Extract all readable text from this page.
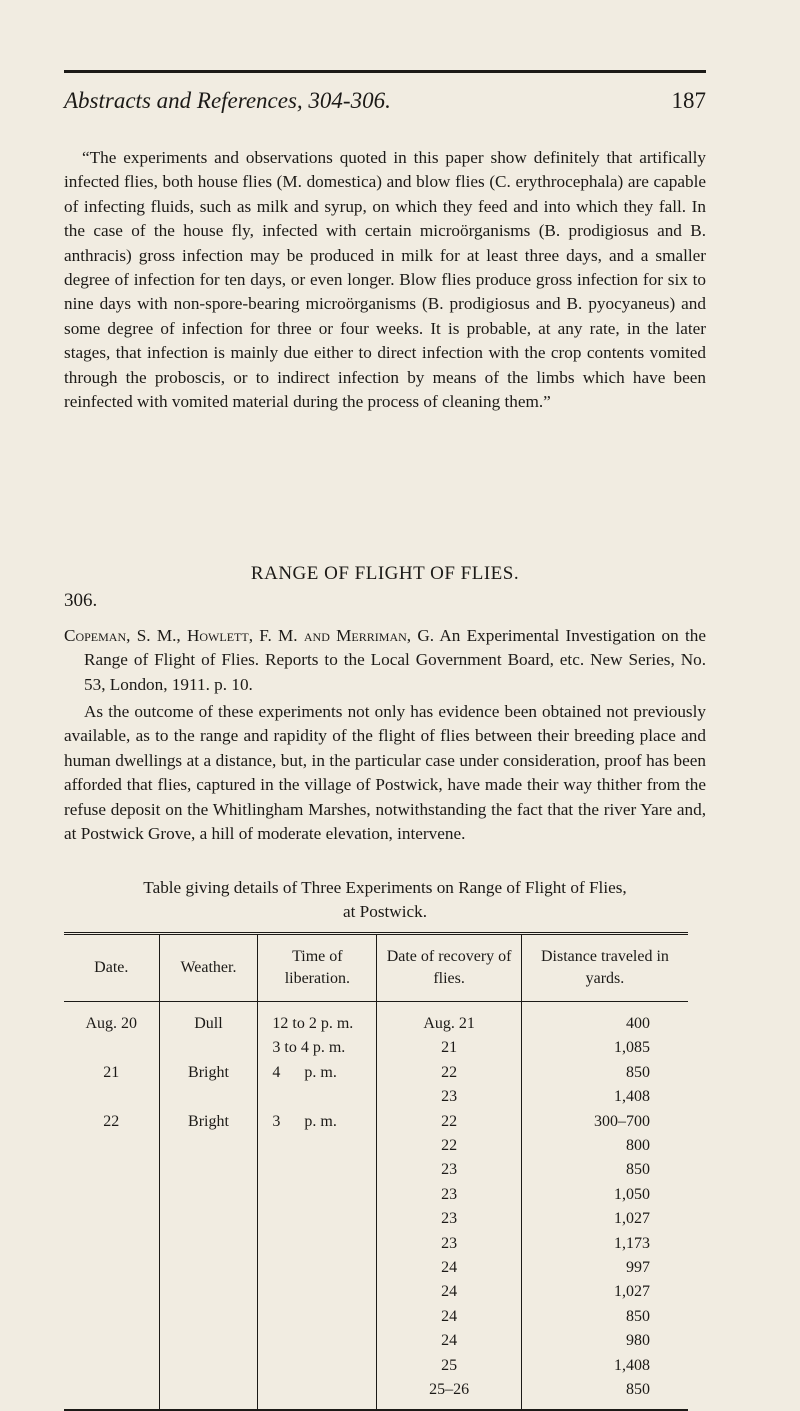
Abstracts and References, 304-306.	187

“The experiments and observations quoted in this paper show definitely that artifically infected flies, both house flies (M. domestica) and blow flies (C. erythrocephala) are capable of infecting fluids, such as milk and syrup, on which they feed and into which they fall. In the case of the house fly, infected with certain microörganisms (B. prodigiosus and B. anthracis) gross infection may be produced in milk for at least three days, and a smaller degree of infection for ten days, or even longer. Blow flies produce gross infection for six to nine days with non-spore-bearing microörganisms (B. prodigiosus and B. pyocyaneus) and some degree of infection for three or four weeks. It is probable, at any rate, in the later stages, that infection is mainly due either to direct infection with the crop contents vomited through the proboscis, or to indirect infection by means of the limbs which have been reinfected with vomited material during the process of cleaning them.”

RANGE OF FLIGHT OF FLIES.
306.

Copeman, S. M., Howlett, F. M. and Merriman, G. An Experimental Investigation on the Range of Flight of Flies. Reports to the Local Government Board, etc. New Series, No. 53, London, 1911. p. 10.

As the outcome of these experiments not only has evidence been obtained not previously available, as to the range and rapidity of the flight of flies between their breeding place and human dwellings at a distance, but, in the particular case under consideration, proof has been afforded that flies, captured in the village of Postwick, have made their way thither from the refuse deposit on the Whitlingham Marshes, notwithstanding the fact that the river Yare and, at Postwick Grove, a hill of moderate elevation, intervene.

Table giving details of Three Experiments on Range of Flight of Flies,
at Postwick.
Date.	Weather.	Time of liberation.	Date of recovery of flies.	Distance traveled in yards.
Aug. 20	Dull	12 to 2 p. m.	Aug. 21	400
		3 to 4 p. m.	21	1,085
21	Bright	4  p. m.	22	850
			23	1,408
22	Bright	3  p. m.	22	300–700
			22	800
			23	850
			23	1,050
			23	1,027
			23	1,173
			24	997
			24	1,027
			24	850
			24	980
			25	1,408
			25–26	850
